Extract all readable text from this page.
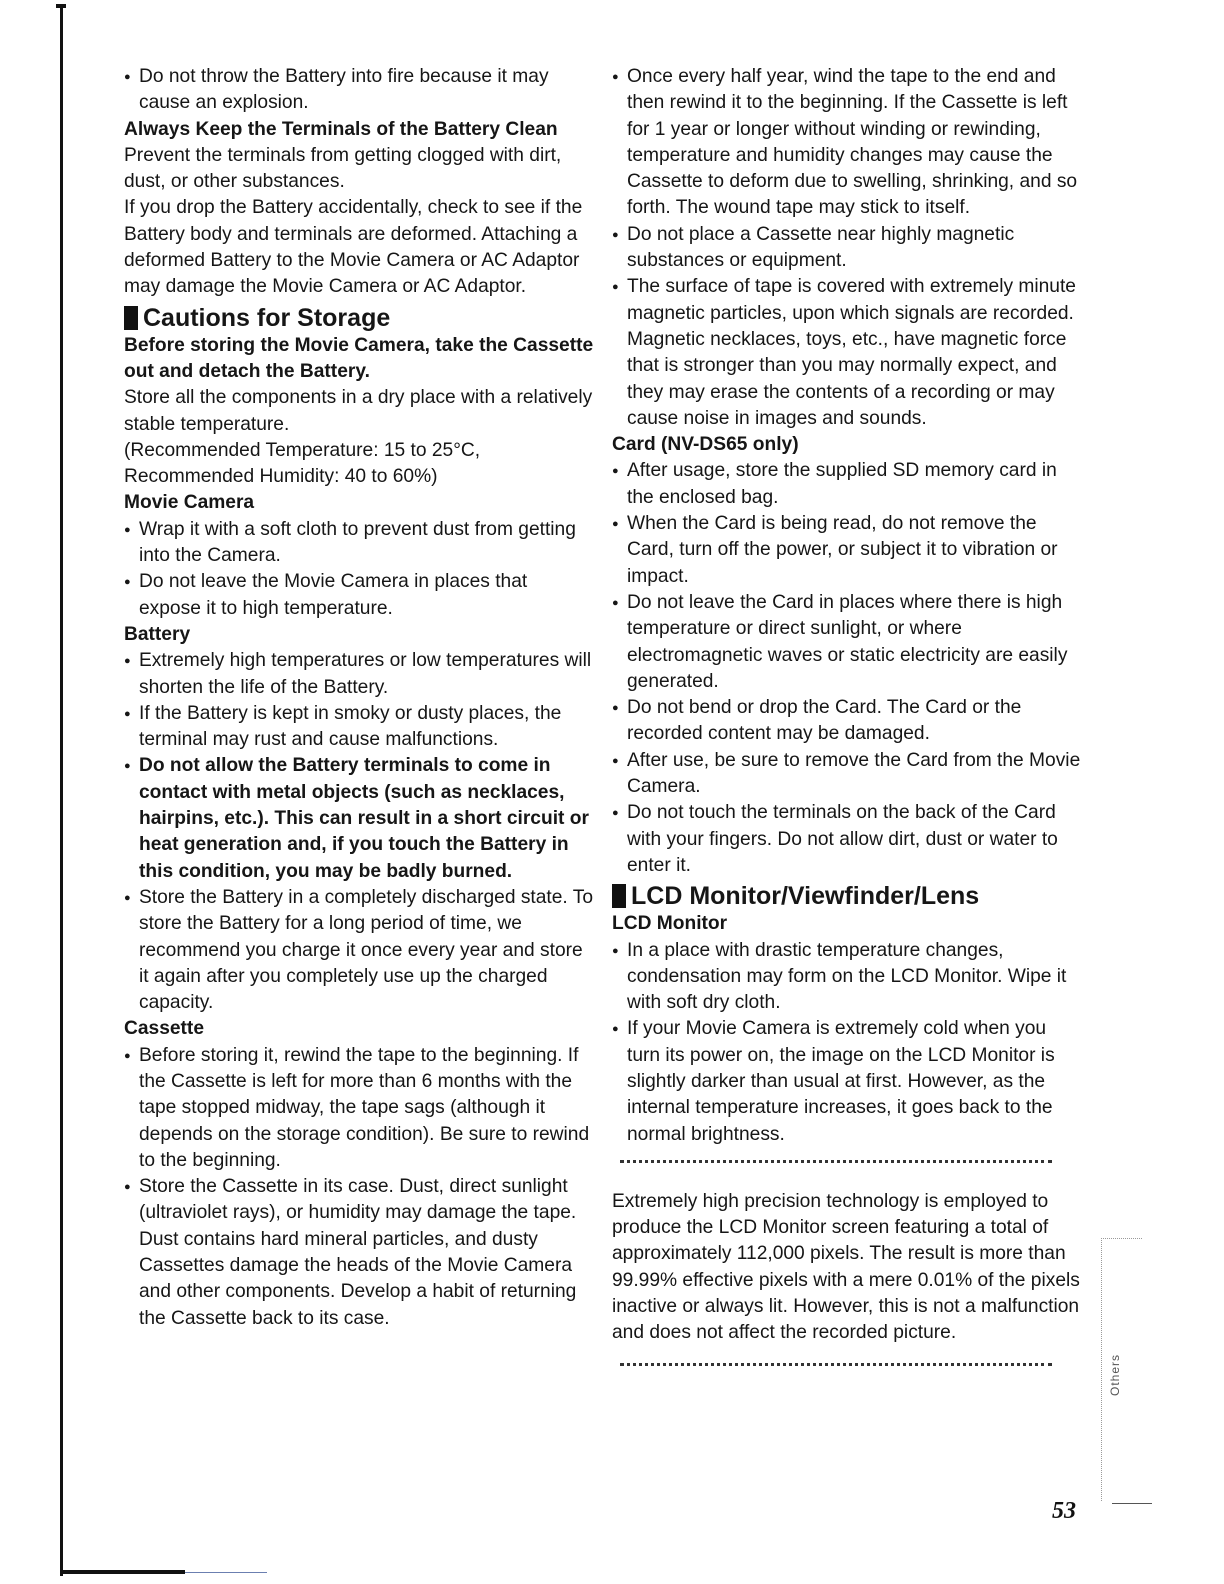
● Do not throw the Battery into fire because it may cause an explosion.

Always Keep the Terminals of the Battery Clean

Prevent the terminals from getting clogged with dirt, dust, or other substances.

If you drop the Battery accidentally, check to see if the Battery body and terminals are deformed. Attaching a deformed Battery to the Movie Camera or AC Adaptor may damage the Movie Camera or AC Adaptor.

Cautions for Storage

Before storing the Movie Camera, take the Cassette out and detach the Battery.

Store all the components in a dry place with a relatively stable temperature.

(Recommended Temperature: 15 to 25°C, Recommended Humidity: 40 to 60%)

Movie Camera

● Wrap it with a soft cloth to prevent dust from getting into the Camera.

● Do not leave the Movie Camera in places that expose it to high temperature.

Battery

● Extremely high temperatures or low temperatures will shorten the life of the Battery.

● If the Battery is kept in smoky or dusty places, the terminal may rust and cause malfunctions.

● Do not allow the Battery terminals to come in contact with metal objects (such as necklaces, hairpins, etc.). This can result in a short circuit or heat generation and, if you touch the Battery in this condition, you may be badly burned.

● Store the Battery in a completely discharged state. To store the Battery for a long period of time, we recommend you charge it once every year and store it again after you completely use up the charged capacity.

Cassette

● Before storing it, rewind the tape to the beginning. If the Cassette is left for more than 6 months with the tape stopped midway, the tape sags (although it depends on the storage condition). Be sure to rewind to the beginning.

● Store the Cassette in its case. Dust, direct sunlight (ultraviolet rays), or humidity may damage the tape. Dust contains hard mineral particles, and dusty Cassettes damage the heads of the Movie Camera and other components. Develop a habit of returning the Cassette back to its case.

● Once every half year, wind the tape to the end and then rewind it to the beginning. If the Cassette is left for 1 year or longer without winding or rewinding, temperature and humidity changes may cause the Cassette to deform due to swelling, shrinking, and so forth. The wound tape may stick to itself.

● Do not place a Cassette near highly magnetic substances or equipment.

● The surface of tape is covered with extremely minute magnetic particles, upon which signals are recorded. Magnetic necklaces, toys, etc., have magnetic force that is stronger than you may normally expect, and they may erase the contents of a recording or may cause noise in images and sounds.

Card (NV-DS65 only)

● After usage, store the supplied SD memory card in the enclosed bag.

● When the Card is being read, do not remove the Card, turn off the power, or subject it to vibration or impact.

● Do not leave the Card in places where there is high temperature or direct sunlight, or where electromagnetic waves or static electricity are easily generated.

● Do not bend or drop the Card. The Card or the recorded content may be damaged.

● After use, be sure to remove the Card from the Movie Camera.

● Do not touch the terminals on the back of the Card with your fingers. Do not allow dirt, dust or water to enter it.

LCD Monitor/Viewfinder/Lens

LCD Monitor

● In a place with drastic temperature changes, condensation may form on the LCD Monitor. Wipe it with soft dry cloth.

● If your Movie Camera is extremely cold when you turn its power on, the image on the LCD Monitor is slightly darker than usual at first. However, as the internal temperature increases, it goes back to the normal brightness.

Extremely high precision technology is employed to produce the LCD Monitor screen featuring a total of approximately 112,000 pixels. The result is more than 99.99% effective pixels with a mere 0.01% of the pixels inactive or always lit. However, this is not a malfunction and does not affect the recorded picture.

Others
53
